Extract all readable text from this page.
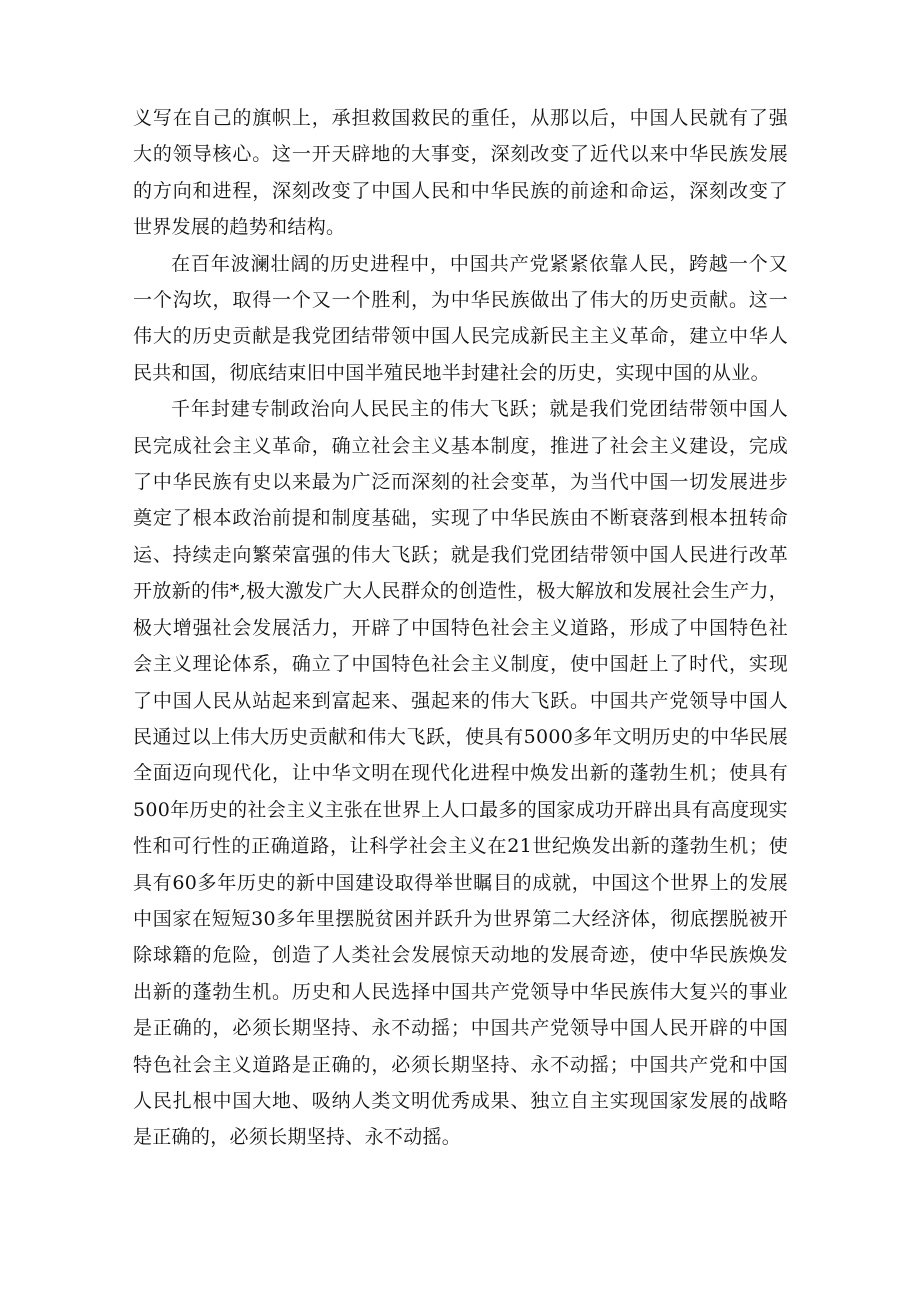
义写在自己的旗帜上，承担救国救民的重任，从那以后，中国人民就有了强大的领导核心。这一开天辟地的大事变，深刻改变了近代以来中华民族发展的方向和进程，深刻改变了中国人民和中华民族的前途和命运，深刻改变了世界发展的趋势和结构。

在百年波澜壮阔的历史进程中，中国共产党紧紧依靠人民，跨越一个又一个沟坎，取得一个又一个胜利，为中华民族做出了伟大的历史贡献。这一伟大的历史贡献是我党团结带领中国人民完成新民主主义革命，建立中华人民共和国，彻底结束旧中国半殖民地半封建社会的历史，实现中国的从业。

千年封建专制政治向人民民主的伟大飞跃；就是我们党团结带领中国人民完成社会主义革命，确立社会主义基本制度，推进了社会主义建设，完成了中华民族有史以来最为广泛而深刻的社会变革，为当代中国一切发展进步奠定了根本政治前提和制度基础，实现了中华民族由不断衰落到根本扭转命运、持续走向繁荣富强的伟大飞跃；就是我们党团结带领中国人民进行改革开放新的伟*,极大激发广大人民群众的创造性，极大解放和发展社会生产力，极大增强社会发展活力，开辟了中国特色社会主义道路，形成了中国特色社会主义理论体系，确立了中国特色社会主义制度，使中国赶上了时代，实现了中国人民从站起来到富起来、强起来的伟大飞跃。中国共产党领导中国人民通过以上伟大历史贡献和伟大飞跃，使具有5000多年文明历史的中华民展全面迈向现代化，让中华文明在现代化进程中焕发出新的蓬勃生机；使具有500年历史的社会主义主张在世界上人口最多的国家成功开辟出具有高度现实性和可行性的正确道路，让科学社会主义在21世纪焕发出新的蓬勃生机；使具有60多年历史的新中国建设取得举世瞩目的成就，中国这个世界上的发展中国家在短短30多年里摆脱贫困并跃升为世界第二大经济体，彻底摆脱被开除球籍的危险，创造了人类社会发展惊天动地的发展奇迹，使中华民族焕发出新的蓬勃生机。历史和人民选择中国共产党领导中华民族伟大复兴的事业是正确的，必须长期坚持、永不动摇；中国共产党领导中国人民开辟的中国特色社会主义道路是正确的，必须长期坚持、永不动摇；中国共产党和中国人民扎根中国大地、吸纳人类文明优秀成果、独立自主实现国家发展的战略是正确的，必须长期坚持、永不动摇。
